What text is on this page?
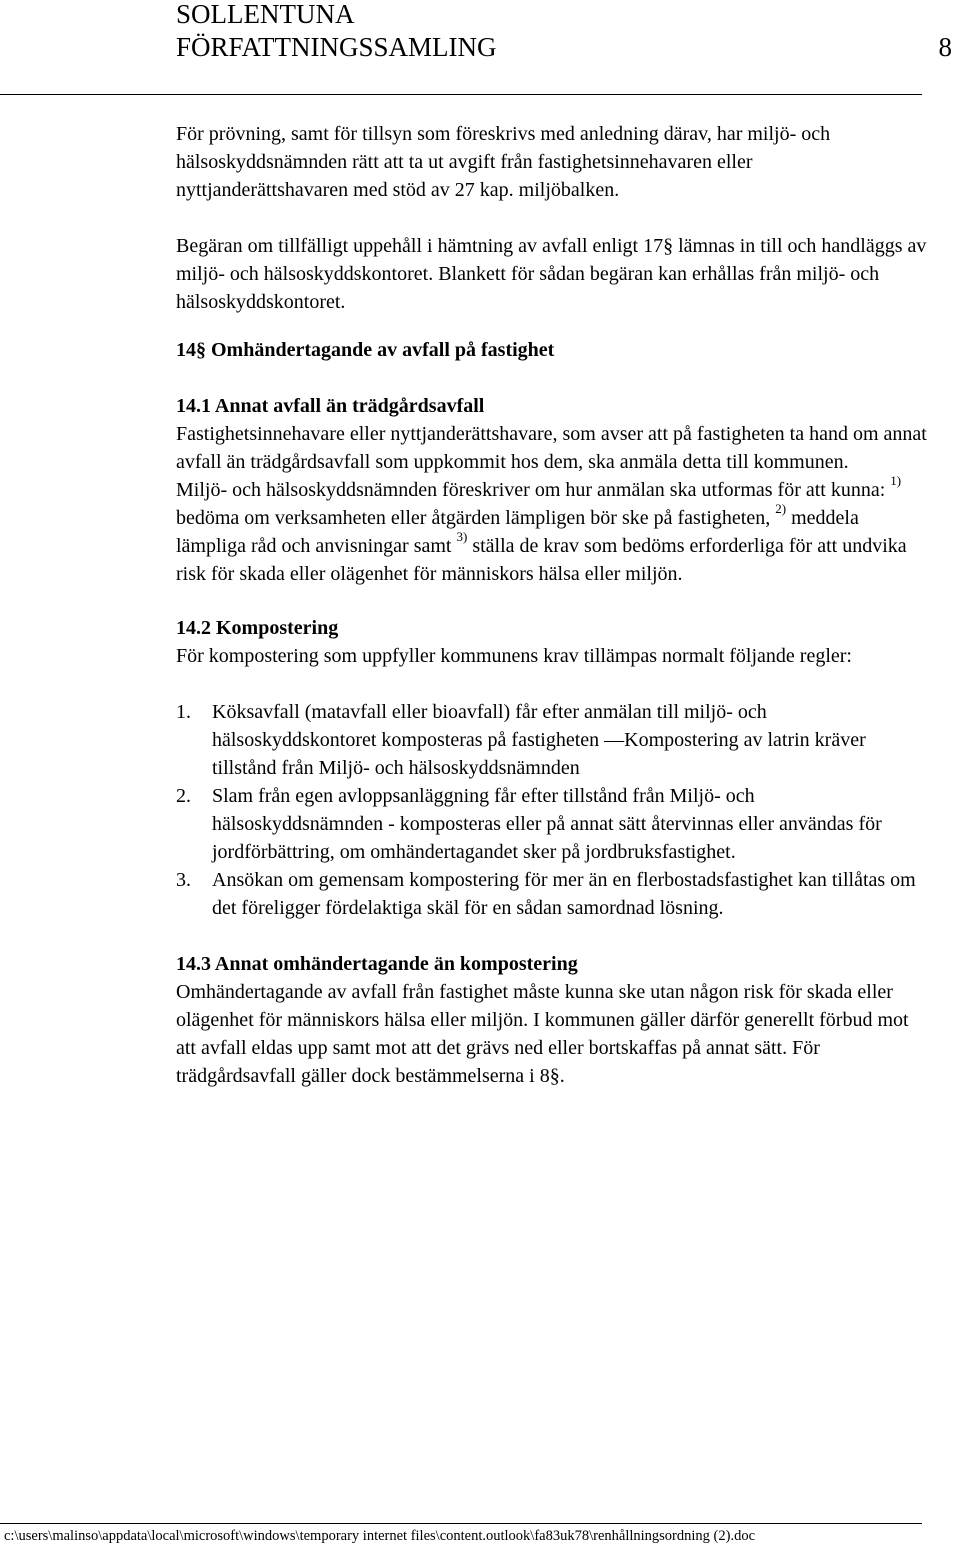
SOLLENTUNA
FÖRFATTNINGSSAMLING	8

För prövning, samt för tillsyn som föreskrivs med anledning därav, har miljö- och hälsoskyddsnämnden rätt att ta ut avgift från fastighetsinnehavaren eller nyttjanderättshavaren med stöd av 27 kap. miljöbalken.

Begäran om tillfälligt uppehåll i hämtning av avfall enligt 17§ lämnas in till och handläggs av miljö- och hälsoskyddskontoret. Blankett för sådan begäran kan erhållas från miljö- och hälsoskyddskontoret.

14§ Omhändertagande av avfall på fastighet

14.1 Annat avfall än trädgårdsavfall

Fastighetsinnehavare eller nyttjanderättshavare, som avser att på fastigheten ta hand om annat avfall än trädgårdsavfall som uppkommit hos dem, ska anmäla detta till kommunen.

Miljö- och hälsoskyddsnämnden föreskriver om hur anmälan ska utformas för att kunna: $^{1)}$ bedöma om verksamheten eller åtgärden lämpligen bör ske på fastigheten, $^{2)}$ meddela lämpliga råd och anvisningar samt $^{3)}$ ställa de krav som bedöms erforderliga för att undvika risk för skada eller olägenhet för människors hälsa eller miljön.

14.2 Kompostering

För kompostering som uppfyller kommunens krav tillämpas normalt följande regler:

1. Köksavfall (matavfall eller bioavfall) får efter anmälan till miljö- och hälsoskyddskontoret komposteras på fastigheten —Kompostering av latrin kräver tillstånd från Miljö- och hälsoskyddsnämnden
2. Slam från egen avloppsanläggning får efter tillstånd från Miljö- och hälsoskyddsnämnden - komposteras eller på annat sätt återvinnas eller användas för jordförbättring, om omhändertagandet sker på jordbruksfastighet.
3. Ansökan om gemensam kompostering för mer än en flerbostadsfastighet kan tillåtas om det föreligger fördelaktiga skäl för en sådan samordnad lösning.

14.3 Annat omhändertagande än kompostering

Omhändertagande av avfall från fastighet måste kunna ske utan någon risk för skada eller olägenhet för människors hälsa eller miljön. I kommunen gäller därför generellt förbud mot att avfall eldas upp samt mot att det grävs ned eller bortskaffas på annat sätt. För trädgårdsavfall gäller dock bestämmelserna i 8§.

c:\users\malinso\appdata\local\microsoft\windows\temporary internet files\content.outlook\fa83uk78\renhållningsordning (2).doc
